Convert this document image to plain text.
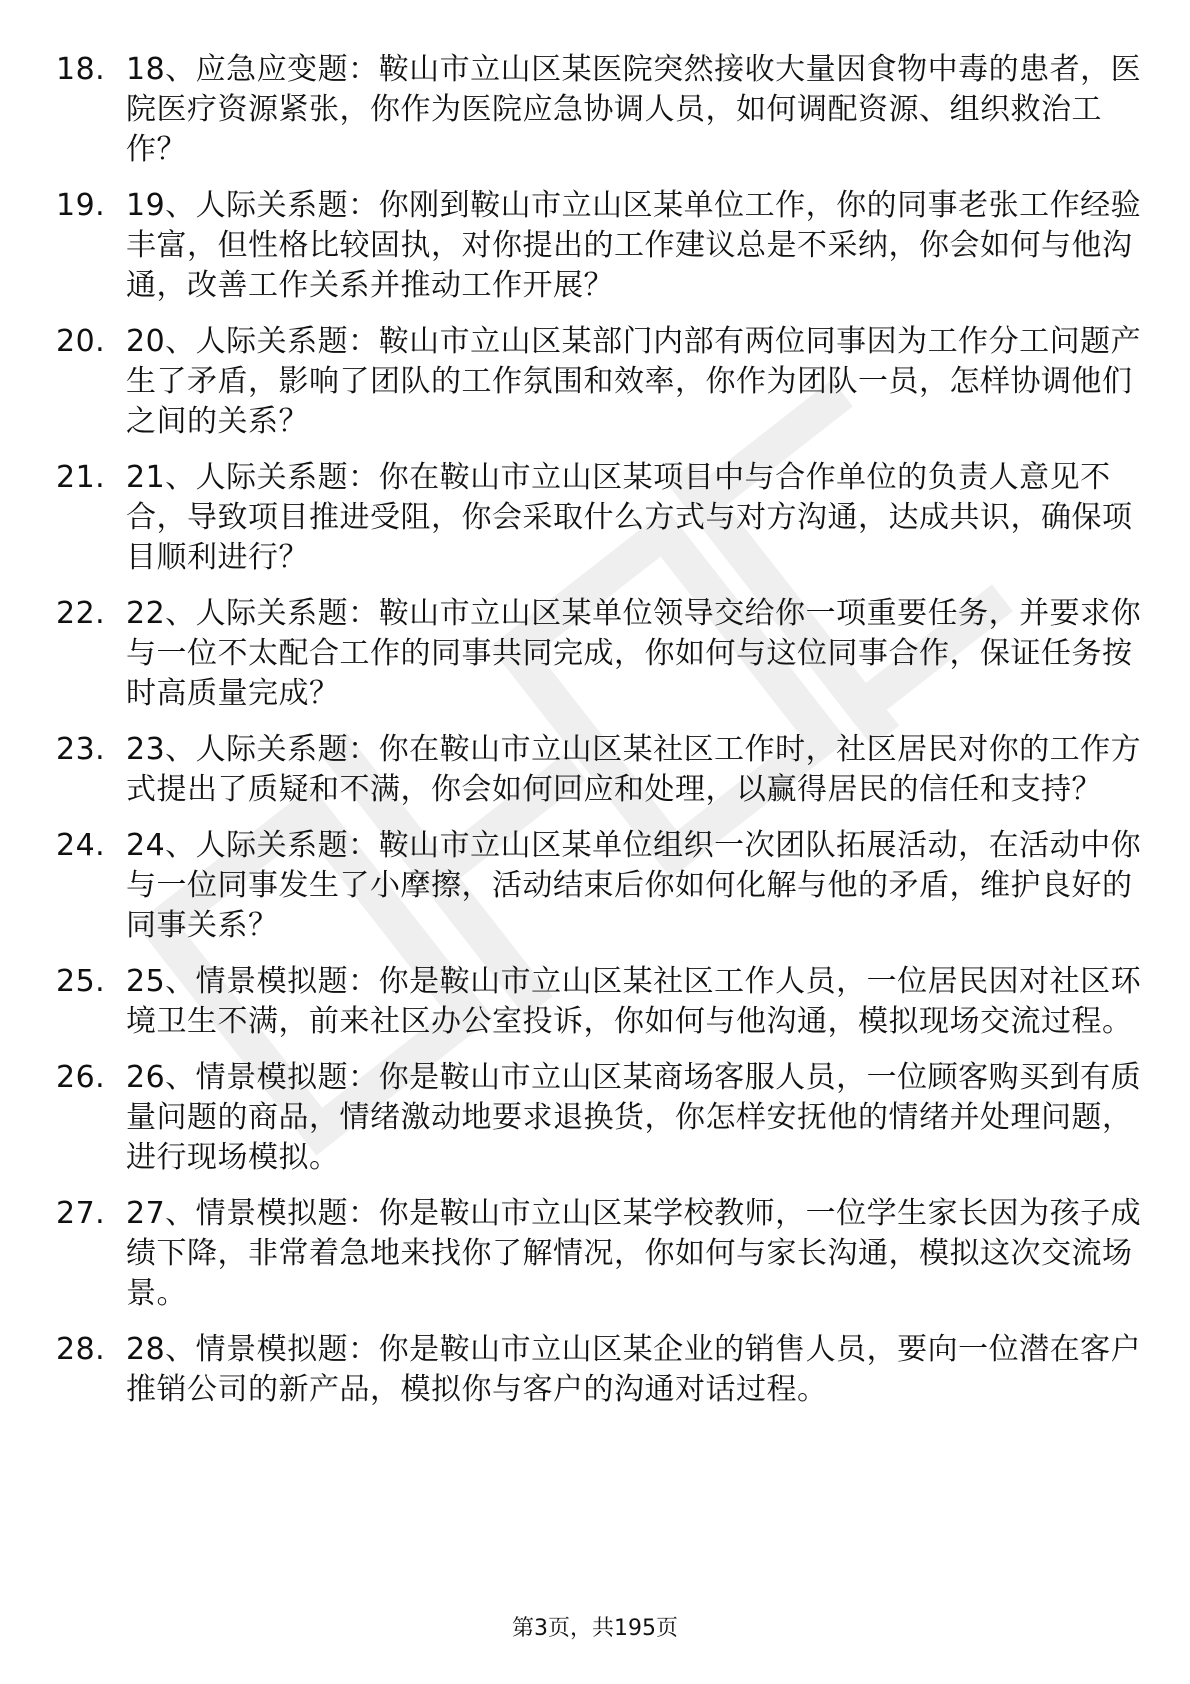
18. 18、应急应变题：鞍山市立山区某医院突然接收大量因食物中毒的患者，医院医疗资源紧张，你作为医院应急协调人员，如何调配资源、组织救治工作？
19. 19、人际关系题：你刚到鞍山市立山区某单位工作，你的同事老张工作经验丰富，但性格比较固执，对你提出的工作建议总是不采纳，你会如何与他沟通，改善工作关系并推动工作开展？
20. 20、人际关系题：鞍山市立山区某部门内部有两位同事因为工作分工问题产生了矛盾，影响了团队的工作氛围和效率，你作为团队一员，怎样协调他们之间的关系？
21. 21、人际关系题：你在鞍山市立山区某项目中与合作单位的负责人意见不合，导致项目推进受阻，你会采取什么方式与对方沟通，达成共识，确保项目顺利进行？
22. 22、人际关系题：鞍山市立山区某单位领导交给你一项重要任务，并要求你与一位不太配合工作的同事共同完成，你如何与这位同事合作，保证任务按时高质量完成？
23. 23、人际关系题：你在鞍山市立山区某社区工作时，社区居民对你的工作方式提出了质疑和不满，你会如何回应和处理，以赢得居民的信任和支持？
24. 24、人际关系题：鞍山市立山区某单位组织一次团队拓展活动，在活动中你与一位同事发生了小摩擦，活动结束后你如何化解与他的矛盾，维护良好的同事关系？
25. 25、情景模拟题：你是鞍山市立山区某社区工作人员，一位居民因对社区环境卫生不满，前来社区办公室投诉，你如何与他沟通，模拟现场交流过程。
26. 26、情景模拟题：你是鞍山市立山区某商场客服人员，一位顾客购买到有质量问题的商品，情绪激动地要求退换货，你怎样安抚他的情绪并处理问题，进行现场模拟。
27. 27、情景模拟题：你是鞍山市立山区某学校教师，一位学生家长因为孩子成绩下降，非常着急地来找你了解情况，你如何与家长沟通，模拟这次交流场景。
28. 28、情景模拟题：你是鞍山市立山区某企业的销售人员，要向一位潜在客户推销公司的新产品，模拟你与客户的沟通对话过程。
第3页，共195页
